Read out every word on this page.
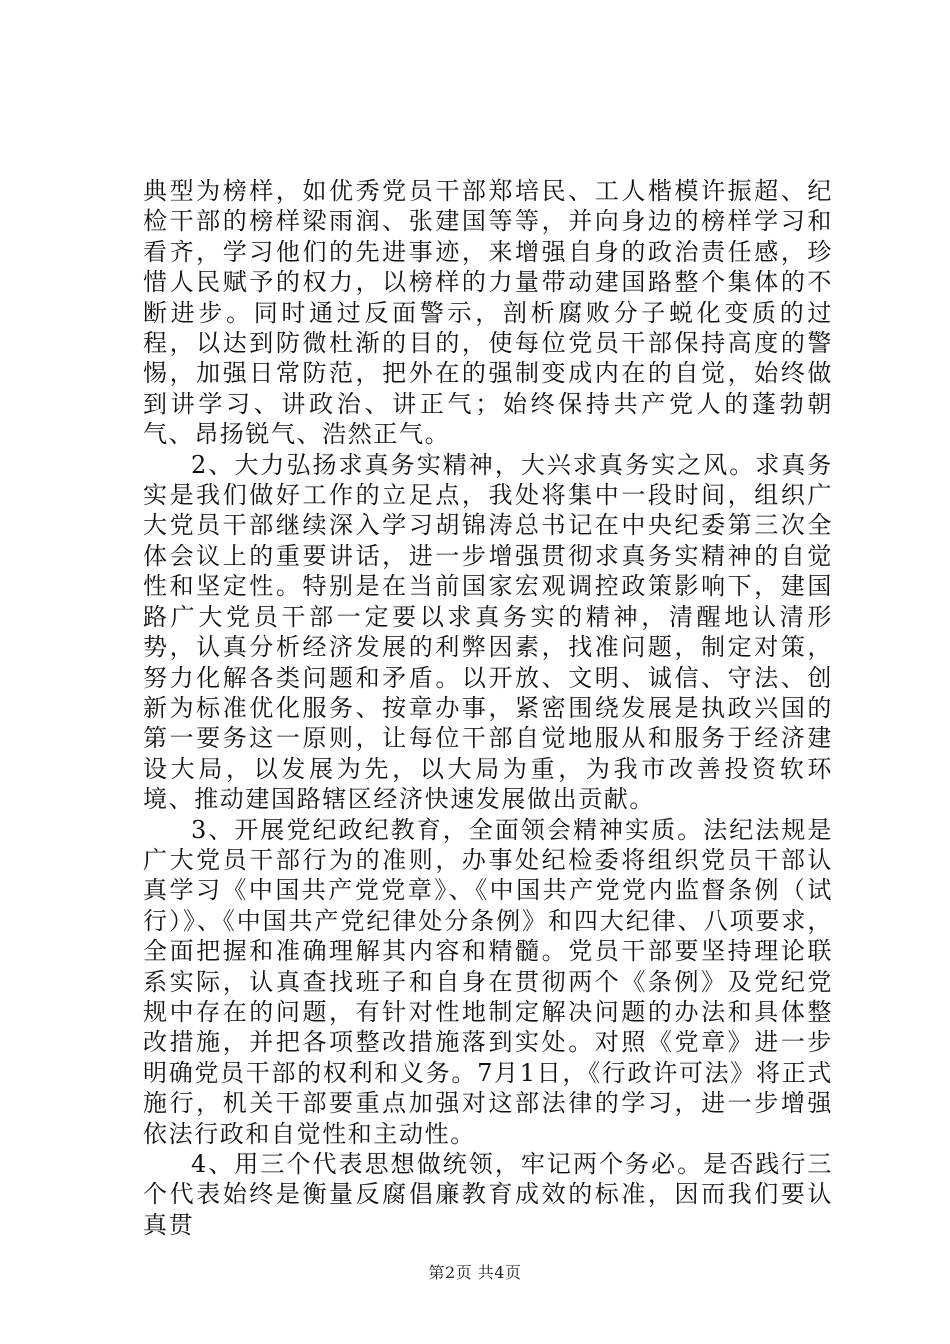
典型为榜样，如优秀党员干部郑培民、工人楷模许振超、纪检干部的榜样梁雨润、张建国等等，并向身边的榜样学习和看齐，学习他们的先进事迹，来增强自身的政治责任感，珍惜人民赋予的权力，以榜样的力量带动建国路整个集体的不断进步。同时通过反面警示，剖析腐败分子蜕化变质的过程，以达到防微杜渐的目的，使每位党员干部保持高度的警惕，加强日常防范，把外在的强制变成内在的自觉，始终做到讲学习、讲政治、讲正气；始终保持共产党人的蓬勃朝气、昂扬锐气、浩然正气。

2、大力弘扬求真务实精神，大兴求真务实之风。求真务实是我们做好工作的立足点，我处将集中一段时间，组织广大党员干部继续深入学习胡锦涛总书记在中央纪委第三次全体会议上的重要讲话，进一步增强贯彻求真务实精神的自觉性和坚定性。特别是在当前国家宏观调控政策影响下，建国路广大党员干部一定要以求真务实的精神，清醒地认清形势，认真分析经济发展的利弊因素，找准问题，制定对策，努力化解各类问题和矛盾。以开放、文明、诚信、守法、创新为标准优化服务、按章办事，紧密围绕发展是执政兴国的第一要务这一原则，让每位干部自觉地服从和服务于经济建设大局，以发展为先，以大局为重，为我市改善投资软环境、推动建国路辖区经济快速发展做出贡献。

3、开展党纪政纪教育，全面领会精神实质。法纪法规是广大党员干部行为的准则，办事处纪检委将组织党员干部认真学习《中国共产党党章》、《中国共产党党内监督条例（试行）》、《中国共产党纪律处分条例》和四大纪律、八项要求，全面把握和准确理解其内容和精髓。党员干部要坚持理论联系实际，认真查找班子和自身在贯彻两个《条例》及党纪党规中存在的问题，有针对性地制定解决问题的办法和具体整改措施，并把各项整改措施落到实处。对照《党章》进一步明确党员干部的权利和义务。7月1日，《行政许可法》将正式施行，机关干部要重点加强对这部法律的学习，进一步增强依法行政和自觉性和主动性。

4、用三个代表思想做统领，牢记两个务必。是否践行三个代表始终是衡量反腐倡廉教育成效的标准，因而我们要认真贯

第2页 共4页
